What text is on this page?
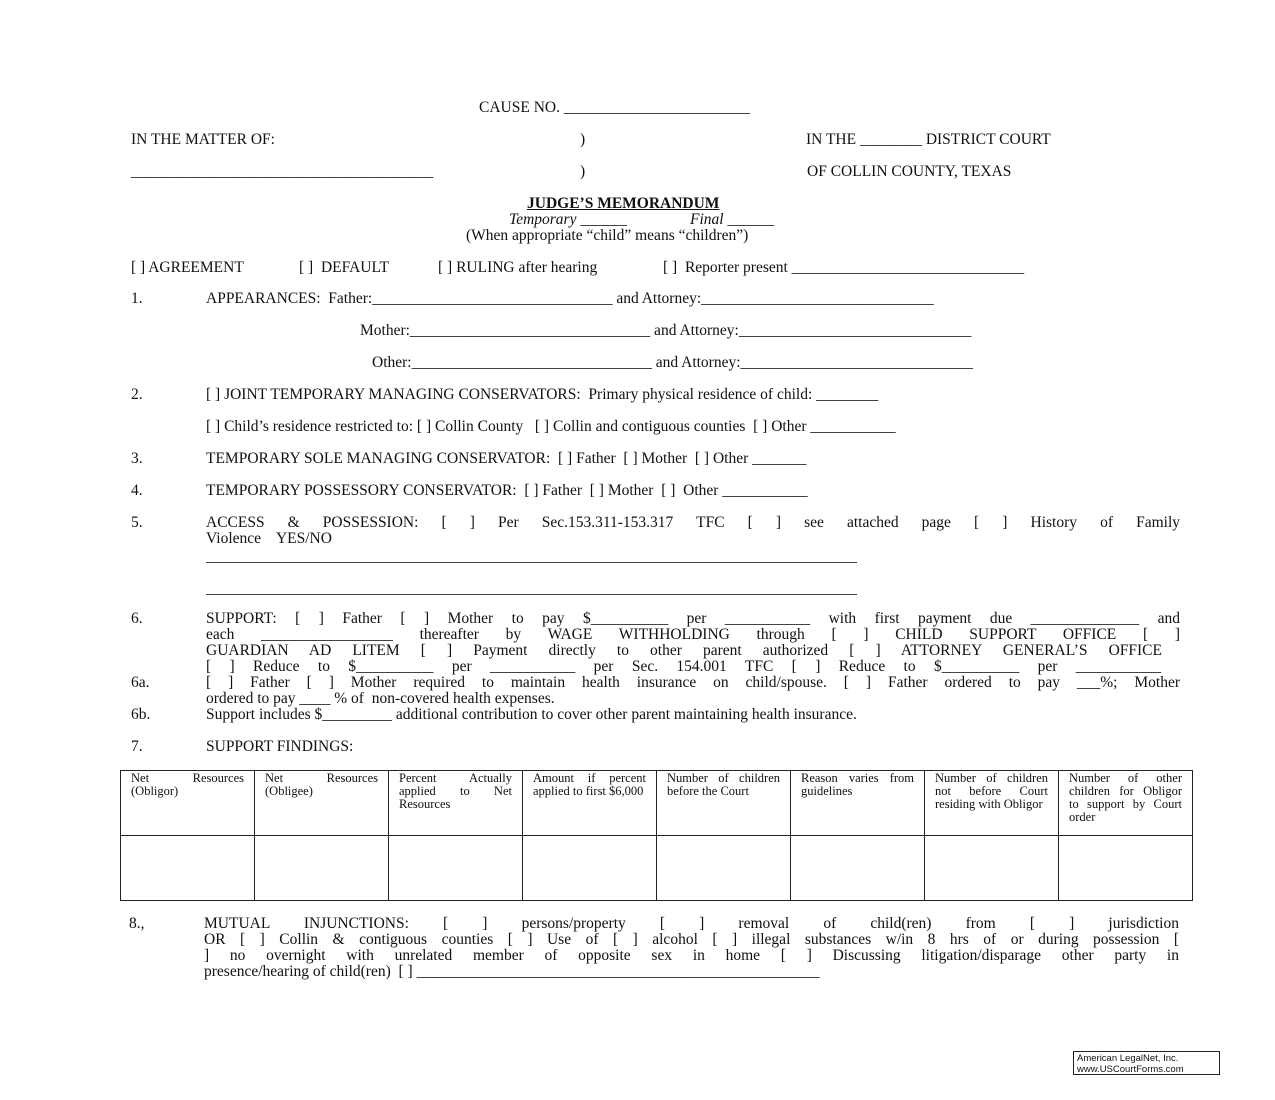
CAUSE NO. ________________________
IN THE MATTER OF:	)	IN THE ________ DISTRICT COURT
_______________________________________	)	OF COLLIN COUNTY, TEXAS
JUDGE’S MEMORANDUM
Temporary ______	Final ______
(When appropriate “child” means “children”)
[ ] AGREEMENT	[ ]  DEFAULT	[ ] RULING after hearing	[ ]  Reporter present ______________________________
1.	APPEARANCES:  Father:_______________________________ and Attorney:______________________________
Mother:_______________________________ and Attorney:______________________________
Other:_______________________________ and Attorney:______________________________
2.	[ ] JOINT TEMPORARY MANAGING CONSERVATORS:  Primary physical residence of child: ________
[ ] Child’s residence restricted to: [ ] Collin County   [ ] Collin and contiguous counties  [ ] Other ___________
3.	TEMPORARY SOLE MANAGING CONSERVATOR:  [ ] Father  [ ] Mother  [ ] Other _______
4.	TEMPORARY POSSESSORY CONSERVATOR:  [ ] Father  [ ] Mother  [ ]  Other ___________
5.	ACCESS & POSSESSION: [ ] Per Sec.153.311-153.317 TFC [ ] see attached page [ ] History of Family
Violence    YES/NO
____________________________________________________________________________________
____________________________________________________________________________________
6.	SUPPORT: [ ] Father [ ] Mother to pay $__________ per ___________ with first payment due ______________ and
each _________________ thereafter by WAGE WITHHOLDING through [ ] CHILD SUPPORT OFFICE [ ]
GUARDIAN AD LITEM [ ] Payment directly to other parent authorized [ ] ATTORNEY GENERAL’S OFFICE
[ ] Reduce to $__________ per ___________ per Sec. 154.001 TFC [ ] Reduce to $__________ per ___________
6a.	[ ] Father [ ] Mother required to maintain health insurance on child/spouse. [ ] Father ordered to pay ___%; Mother
ordered to pay ____ % of  non-covered health expenses.
6b.	Support includes $_________ additional contribution to cover other parent maintaining health insurance.
7.	SUPPORT FINDINGS:
Net Resources (Obligor)	Net Resources (Obligee)	Percent Actually applied to Net Resources	Amount if percent applied to first $6,000	Number of children before the Court	Reason varies from guidelines	Number of children not before Court residing with Obligor	Number of other children for Obligor to support by Court order

8.,	MUTUAL INJUNCTIONS: [ ] persons/property [ ] removal of child(ren) from [ ] jurisdiction
OR [ ] Collin & contiguous counties [ ] Use of [ ] alcohol [ ] illegal substances w/in 8 hrs of or during possession [
] no overnight with unrelated member of opposite sex in home [ ] Discussing litigation/disparage other party in
presence/hearing of child(ren)  [ ] ____________________________________________________
American LegalNet, Inc.
www.USCourtForms.com
